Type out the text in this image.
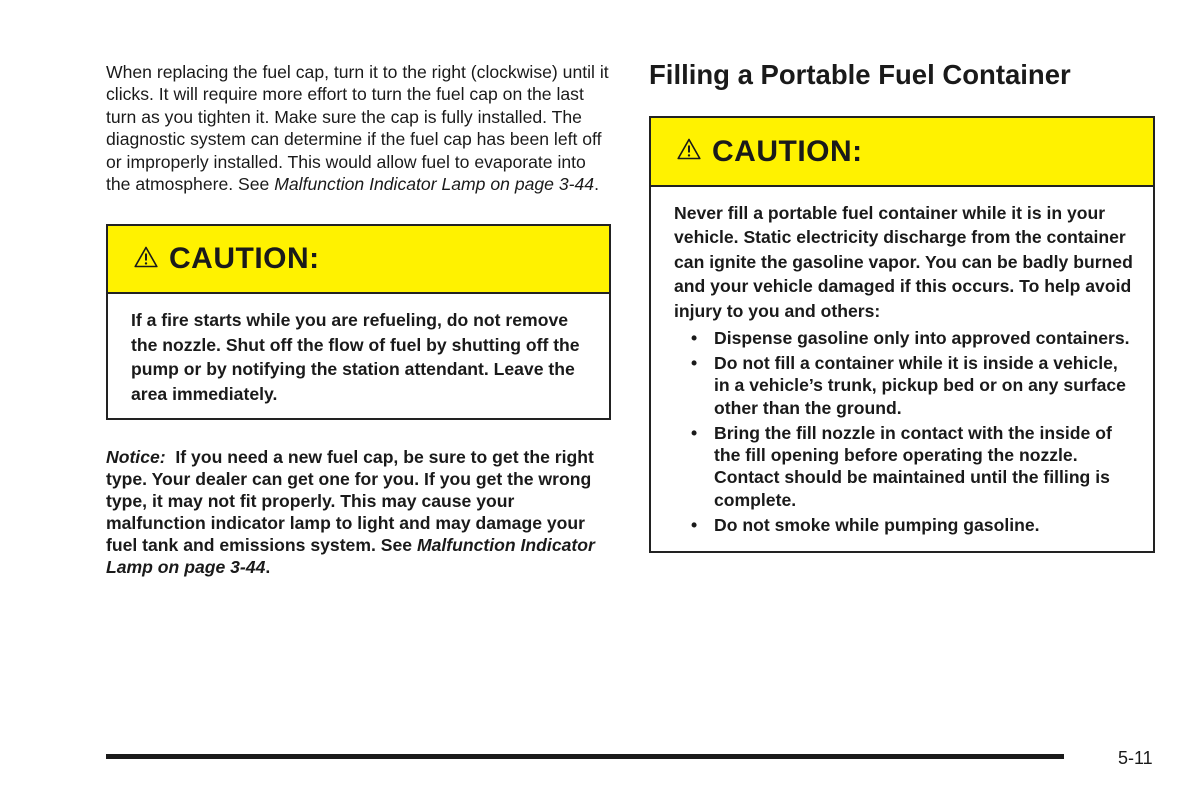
When replacing the fuel cap, turn it to the right (clockwise) until it clicks. It will require more effort to turn the fuel cap on the last turn as you tighten it. Make sure the cap is fully installed. The diagnostic system can determine if the fuel cap has been left off or improperly installed. This would allow fuel to evaporate into the atmosphere. See Malfunction Indicator Lamp on page 3-44.

CAUTION:
If a fire starts while you are refueling, do not remove the nozzle. Shut off the flow of fuel by shutting off the pump or by notifying the station attendant. Leave the area immediately.
Notice: If you need a new fuel cap, be sure to get the right type. Your dealer can get one for you. If you get the wrong type, it may not fit properly. This may cause your malfunction indicator lamp to light and may damage your fuel tank and emissions system. See Malfunction Indicator Lamp on page 3-44.
Filling a Portable Fuel Container
CAUTION:
Never fill a portable fuel container while it is in your vehicle. Static electricity discharge from the container can ignite the gasoline vapor. You can be badly burned and your vehicle damaged if this occurs. To help avoid injury to you and others:
• Dispense gasoline only into approved containers.
• Do not fill a container while it is inside a vehicle, in a vehicle’s trunk, pickup bed or on any surface other than the ground.
• Bring the fill nozzle in contact with the inside of the fill opening before operating the nozzle. Contact should be maintained until the filling is complete.
• Do not smoke while pumping gasoline.
5-11
